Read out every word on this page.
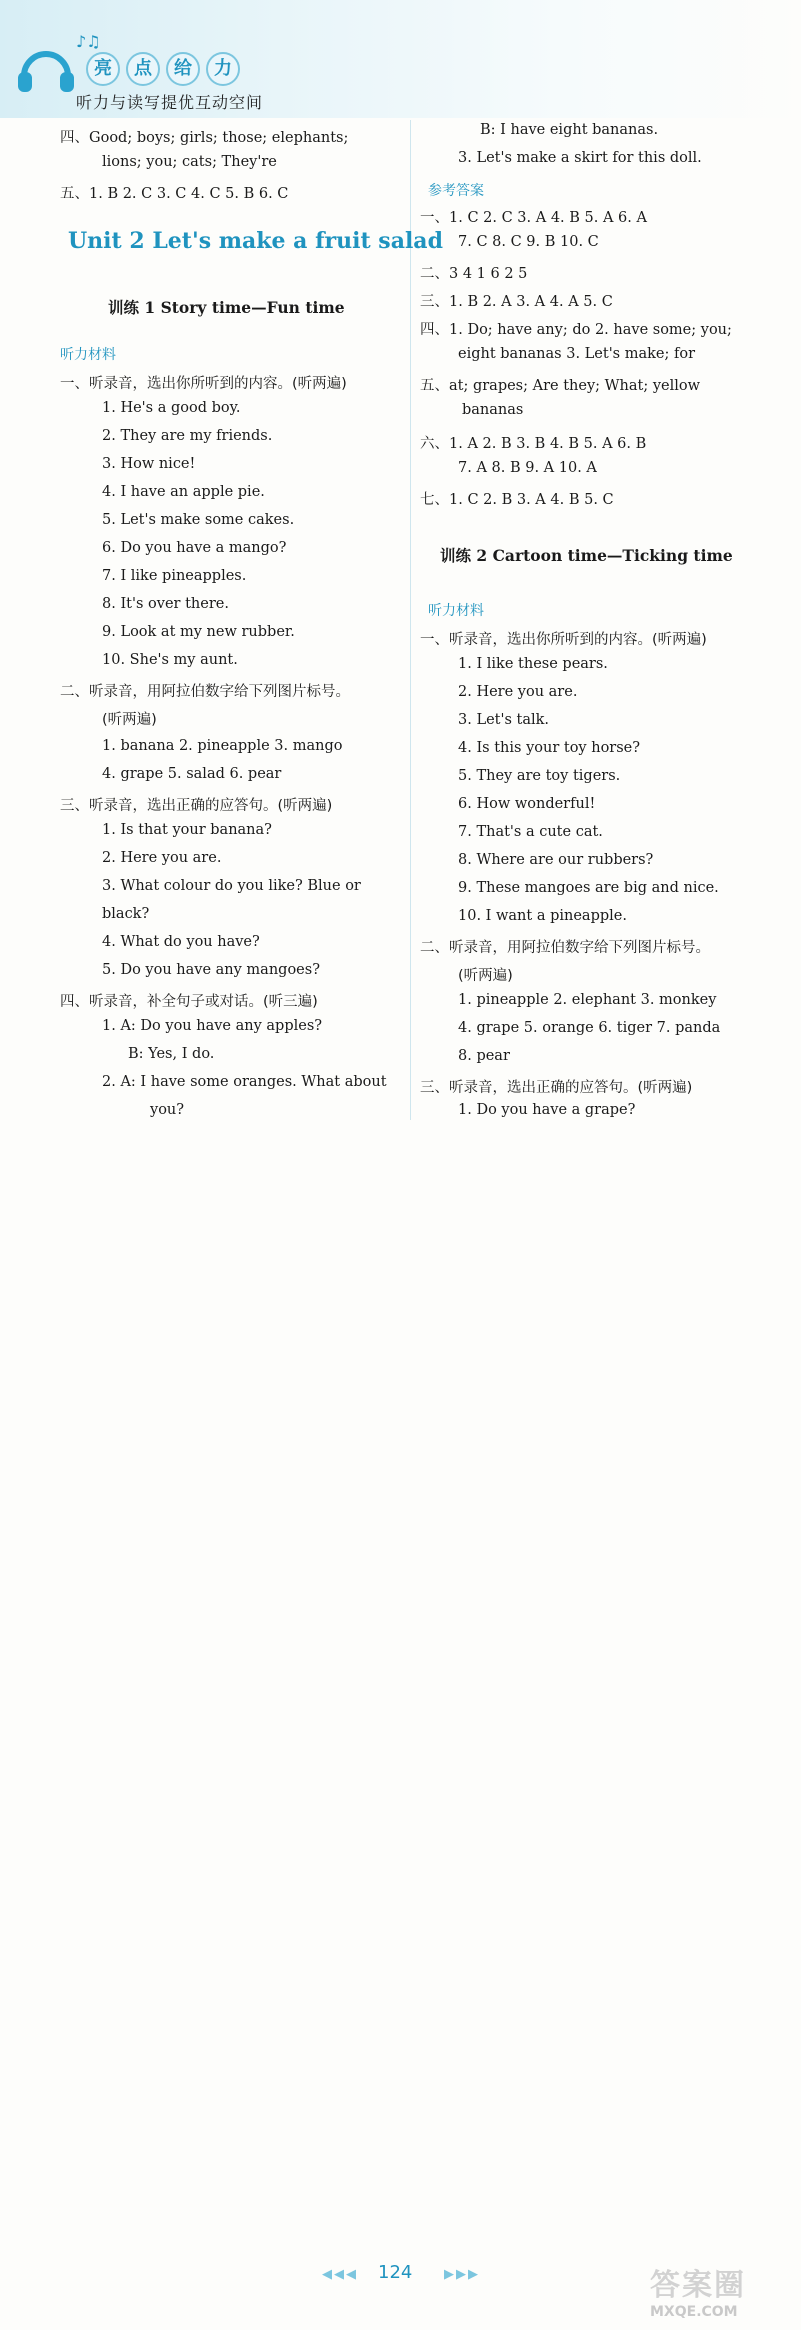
♪♫
亮	点	给	力
听力与读写提优互动空间
四、Good; boys; girls; those; elephants;
lions; you; cats; They're
五、1. B 2. C 3. C 4. C 5. B 6. C
Unit 2 Let's make a fruit salad
训练 1 Story time—Fun time
听力材料
一、听录音，选出你所听到的内容。(听两遍)
1. He's a good boy.
2. They are my friends.
3. How nice!
4. I have an apple pie.
5. Let's make some cakes.
6. Do you have a mango?
7. I like pineapples.
8. It's over there.
9. Look at my new rubber.
10. She's my aunt.
二、听录音，用阿拉伯数字给下列图片标号。
(听两遍)
1. banana 2. pineapple 3. mango
4. grape 5. salad 6. pear
三、听录音，选出正确的应答句。(听两遍)
1. Is that your banana?
2. Here you are.
3. What colour do you like? Blue or
black?
4. What do you have?
5. Do you have any mangoes?
四、听录音，补全句子或对话。(听三遍)
1. A: Do you have any apples?
B: Yes, I do.
2. A: I have some oranges. What about
you?
B: I have eight bananas.
3. Let's make a skirt for this doll.
参考答案
一、1. C 2. C 3. A 4. B 5. A 6. A
7. C 8. C 9. B 10. C
二、3 4 1 6 2 5
三、1. B 2. A 3. A 4. A 5. C
四、1. Do; have any; do 2. have some; you;
eight bananas 3. Let's make; for
五、at; grapes; Are they; What; yellow
bananas
六、1. A 2. B 3. B 4. B 5. A 6. B
7. A 8. B 9. A 10. A
七、1. C 2. B 3. A 4. B 5. C
训练 2 Cartoon time—Ticking time
听力材料
一、听录音，选出你所听到的内容。(听两遍)
1. I like these pears.
2. Here you are.
3. Let's talk.
4. Is this your toy horse?
5. They are toy tigers.
6. How wonderful!
7. That's a cute cat.
8. Where are our rubbers?
9. These mangoes are big and nice.
10. I want a pineapple.
二、听录音，用阿拉伯数字给下列图片标号。
(听两遍)
1. pineapple 2. elephant 3. monkey
4. grape 5. orange 6. tiger 7. panda
8. pear
三、听录音，选出正确的应答句。(听两遍)
1. Do you have a grape?
◀◀◀ 124 ▶▶▶	答案圈
MXQE.COM
